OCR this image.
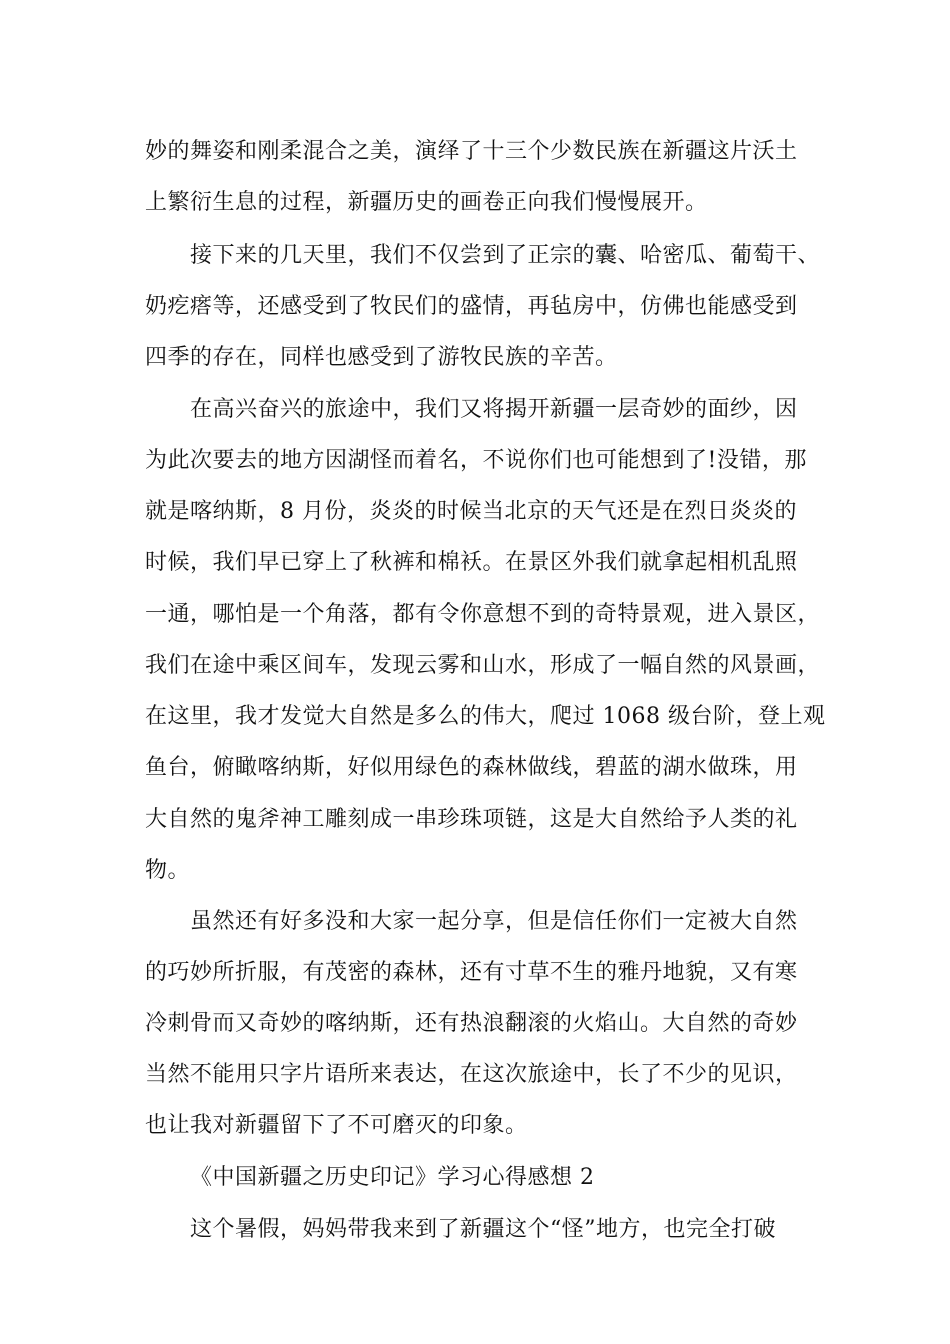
妙的舞姿和刚柔混合之美，演绎了十三个少数民族在新疆这片沃土
上繁衍生息的过程，新疆历史的画卷正向我们慢慢展开。
接下来的几天里，我们不仅尝到了正宗的囊、哈密瓜、葡萄干、
奶疙瘩等，还感受到了牧民们的盛情，再毡房中，仿佛也能感受到
四季的存在，同样也感受到了游牧民族的辛苦。
在高兴奋兴的旅途中，我们又将揭开新疆一层奇妙的面纱，因
为此次要去的地方因湖怪而着名，不说你们也可能想到了!没错，那
就是喀纳斯，8 月份，炎炎的时候当北京的天气还是在烈日炎炎的
时候，我们早已穿上了秋裤和棉袄。在景区外我们就拿起相机乱照
一通，哪怕是一个角落，都有令你意想不到的奇特景观，进入景区，
我们在途中乘区间车，发现云雾和山水，形成了一幅自然的风景画，
在这里，我才发觉大自然是多么的伟大，爬过 1068 级台阶，登上观
鱼台，俯瞰喀纳斯，好似用绿色的森林做线，碧蓝的湖水做珠，用
大自然的鬼斧神工雕刻成一串珍珠项链，这是大自然给予人类的礼
物。
虽然还有好多没和大家一起分享，但是信任你们一定被大自然
的巧妙所折服，有茂密的森林，还有寸草不生的雅丹地貌，又有寒
冷刺骨而又奇妙的喀纳斯，还有热浪翻滚的火焰山。大自然的奇妙
当然不能用只字片语所来表达，在这次旅途中，长了不少的见识，
也让我对新疆留下了不可磨灭的印象。
《中国新疆之历史印记》学习心得感想 2
这个暑假，妈妈带我来到了新疆这个“怪”地方，也完全打破
